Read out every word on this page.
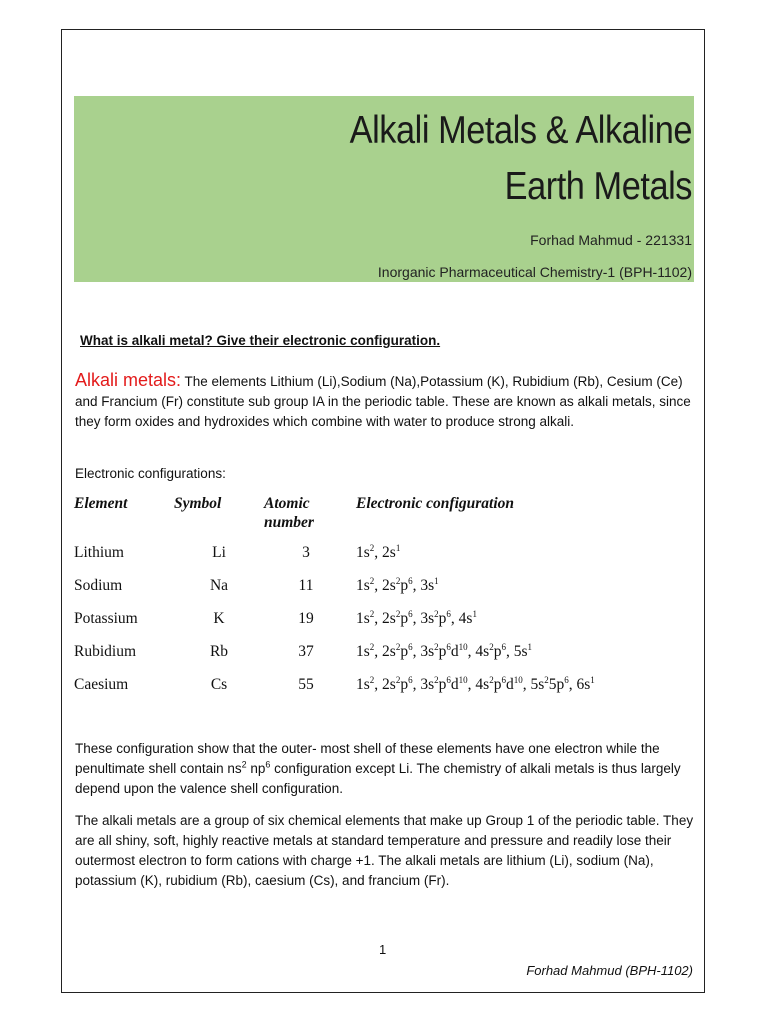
Alkali Metals & Alkaline
Earth Metals
Forhad Mahmud - 221331
Inorganic Pharmaceutical Chemistry-1 (BPH-1102)
What is alkali metal? Give their electronic configuration.
Alkali metals: The elements Lithium (Li),Sodium (Na),Potassium (K), Rubidium (Rb), Cesium (Ce) and Francium (Fr) constitute sub group IA in the periodic table. These are known as alkali metals, since they form oxides and hydroxides which combine with water to produce strong alkali.
Electronic configurations:
Element	Symbol	Atomic number	Electronic configuration
Lithium	Li	3	$1s^2$, $2s^1$
Sodium	Na	11	$1s^2$, $2s^2p^6$, $3s^1$
Potassium	K	19	$1s^2$, $2s^2p^6$, $3s^2p^6$, $4s^1$
Rubidium	Rb	37	$1s^2$, $2s^2p^6$, $3s^2p^6d^{10}$, $4s^2p^6$, $5s^1$
Caesium	Cs	55	$1s^2$, $2s^2p^6$, $3s^2p^6d^{10}$, $4s^2p^6d^{10}$, $5s^25p^6$, $6s^1$
These configuration show that the outer- most shell of these elements have one electron while the penultimate shell contain $ns^2$ $np^6$ configuration except Li. The chemistry of alkali metals is thus largely depend upon the valence shell configuration.
The alkali metals are a group of six chemical elements that make up Group 1 of the periodic table. They are all shiny, soft, highly reactive metals at standard temperature and pressure and readily lose their outermost electron to form cations with charge +1. The alkali metals are lithium (Li), sodium (Na), potassium (K), rubidium (Rb), caesium (Cs), and francium (Fr).
1
Forhad Mahmud (BPH-1102)
